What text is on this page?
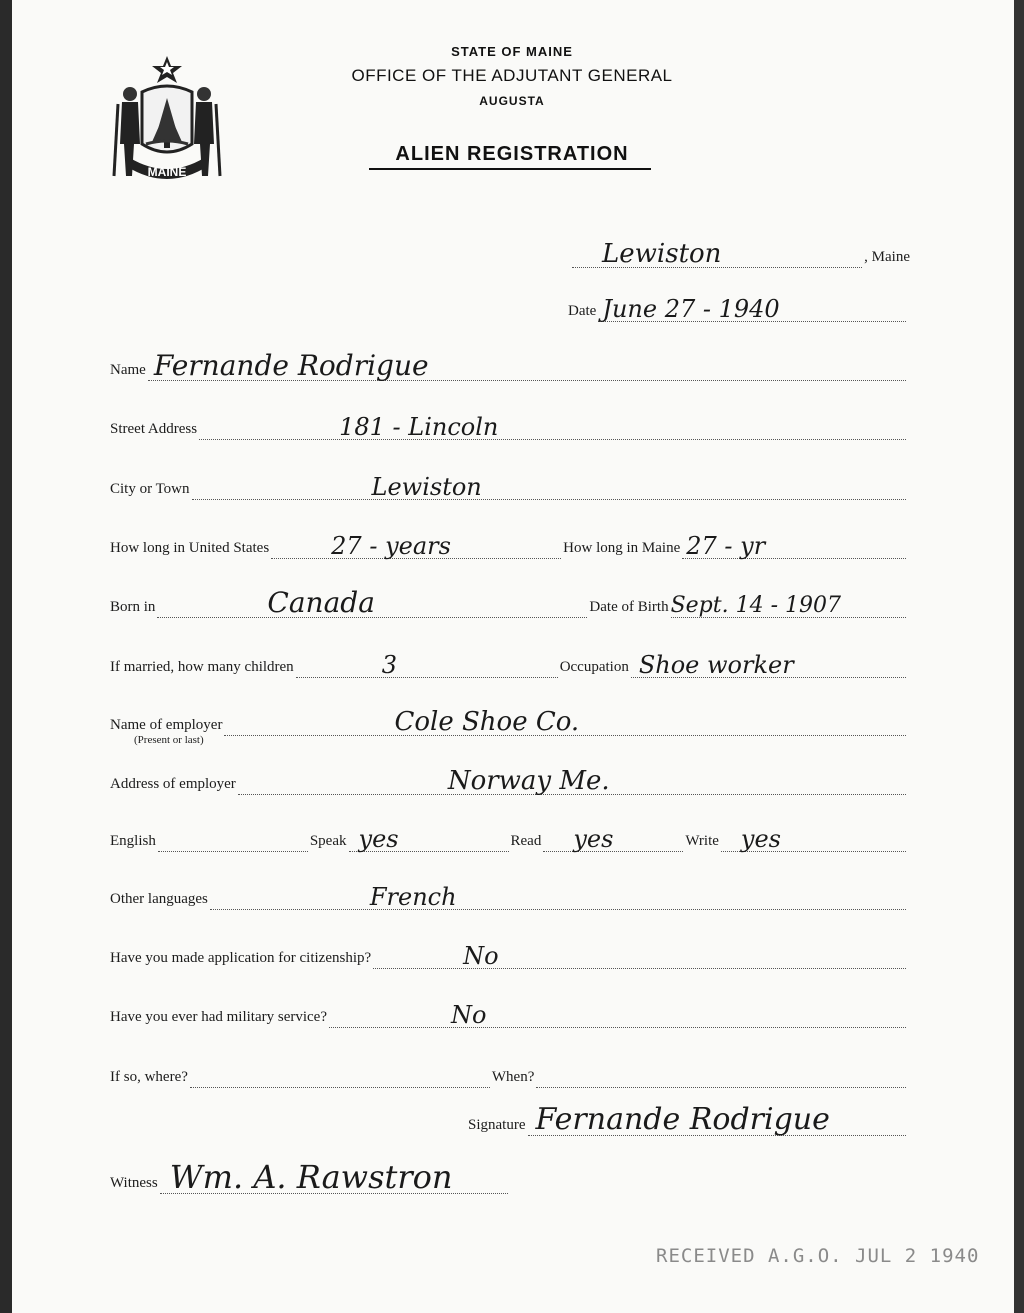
MAINE
STATE OF MAINE
OFFICE OF THE ADJUTANT GENERAL
AUGUSTA
ALIEN REGISTRATION
Lewiston	, Maine
Date June 27 - 1940
Name Fernande Rodrigue
Street Address	181 - Lincoln
City or Town	Lewiston
How long in United States	27 - years	How long in Maine 27 - yr
Born in	Canada	Date of Birth Sept. 14 - 1907
If married, how many children	3	Occupation Shoe worker
Name of employer	Cole Shoe Co.
(Present or last)
Address of employer	Norway Me.
English	Speak yes	Read yes	Write yes
Other languages	French
Have you made application for citizenship?	No
Have you ever had military service?	No
If so, where?	When?
Signature Fernande Rodrigue
Witness Wm. A. Rawstron
RECEIVED A.G.O. JUL 2 1940
